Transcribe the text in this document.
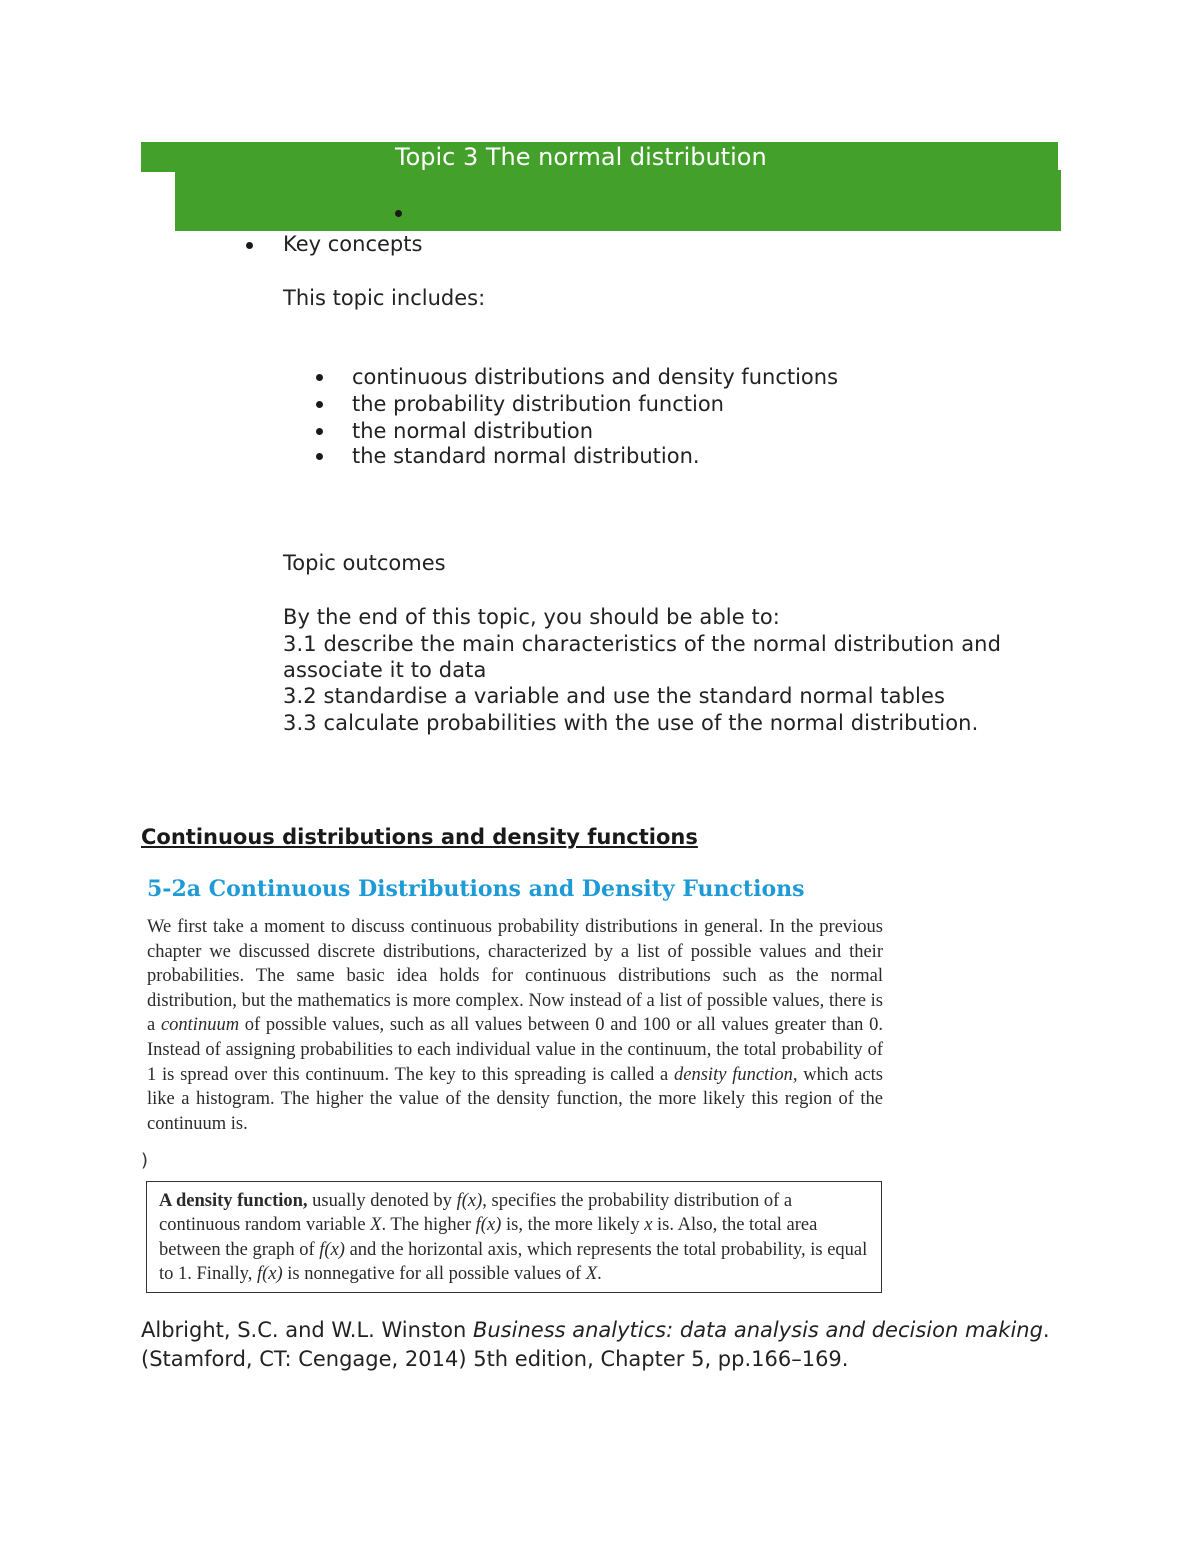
Topic 3 The normal distribution
Key concepts
This topic includes:
continuous distributions and density functions
the probability distribution function
the normal distribution
the standard normal distribution.
Topic outcomes
By the end of this topic, you should be able to:
3.1 describe the main characteristics of the normal distribution and
associate it to data
3.2 standardise a variable and use the standard normal tables
3.3 calculate probabilities with the use of the normal distribution.
Continuous distributions and density functions
5-2a Continuous Distributions and Density Functions
We first take a moment to discuss continuous probability distributions in general. In the previous chapter we discussed discrete distributions, characterized by a list of possible values and their probabilities. The same basic idea holds for continuous distributions such as the normal distribution, but the mathematics is more complex. Now instead of a list of possible values, there is a continuum of possible values, such as all values between 0 and 100 or all values greater than 0. Instead of assigning probabilities to each individual value in the continuum, the total probability of 1 is spread over this continuum. The key to this spreading is called a density function, which acts like a histogram. The higher the value of the density function, the more likely this region of the continuum is.
)
A density function, usually denoted by f(x), specifies the probability distribution of a continuous random variable X. The higher f(x) is, the more likely x is. Also, the total area between the graph of f(x) and the horizontal axis, which represents the total probability, is equal to 1. Finally, f(x) is nonnegative for all possible values of X.
Albright, S.C. and W.L. Winston Business analytics: data analysis and decision making. (Stamford, CT: Cengage, 2014) 5th edition, Chapter 5, pp.166–169.
